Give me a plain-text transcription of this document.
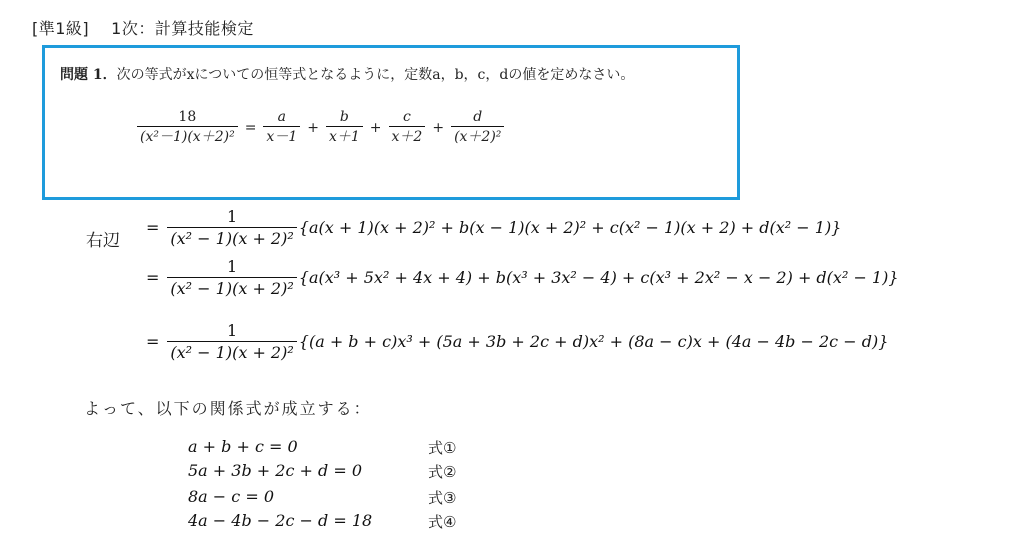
[準1級] 1次：計算技能検定
問題 1．次の等式がxについての恒等式となるように，定数a，b，c，dの値を定めなさい。
$\frac{18}{\text{(x²－1)(x＋2)²}} = \frac{a}{x-1} + \frac{b}{x+1} + \frac{c}{x+2} + \frac{d}{\text{(x＋2)²}}$
右辺
= $\frac{1}{\text{(x² − 1)(x + 2)²}} \{a(x + 1)(x + 2)^2 + b(x - 1)(x + 2)^2 + c(x^2 - 1)(x + 2) + d(x^2 - 1)\}$
= $\frac{1}{\text{(x² − 1)(x + 2)²}} \{a(x^3 + 5x^2 + 4x + 4) + b(x^3 + 3x^2 - 4) + c(x^3 + 2x^2 - x - 2) + d(x^2 - 1)\}$
= $\frac{1}{\text{(x² − 1)(x + 2)²}} \{(a + b + c)x^3 + (5a + 3b + 2c + d)x^2 + (8a - c)x + (4a - 4b - 2c - d)\}$
よって、以下の関係式が成立する：
a + b + c = 0	式①
5a + 3b + 2c + d = 0	式②
8a − c = 0	式③
4a − 4b − 2c − d = 18	式④
